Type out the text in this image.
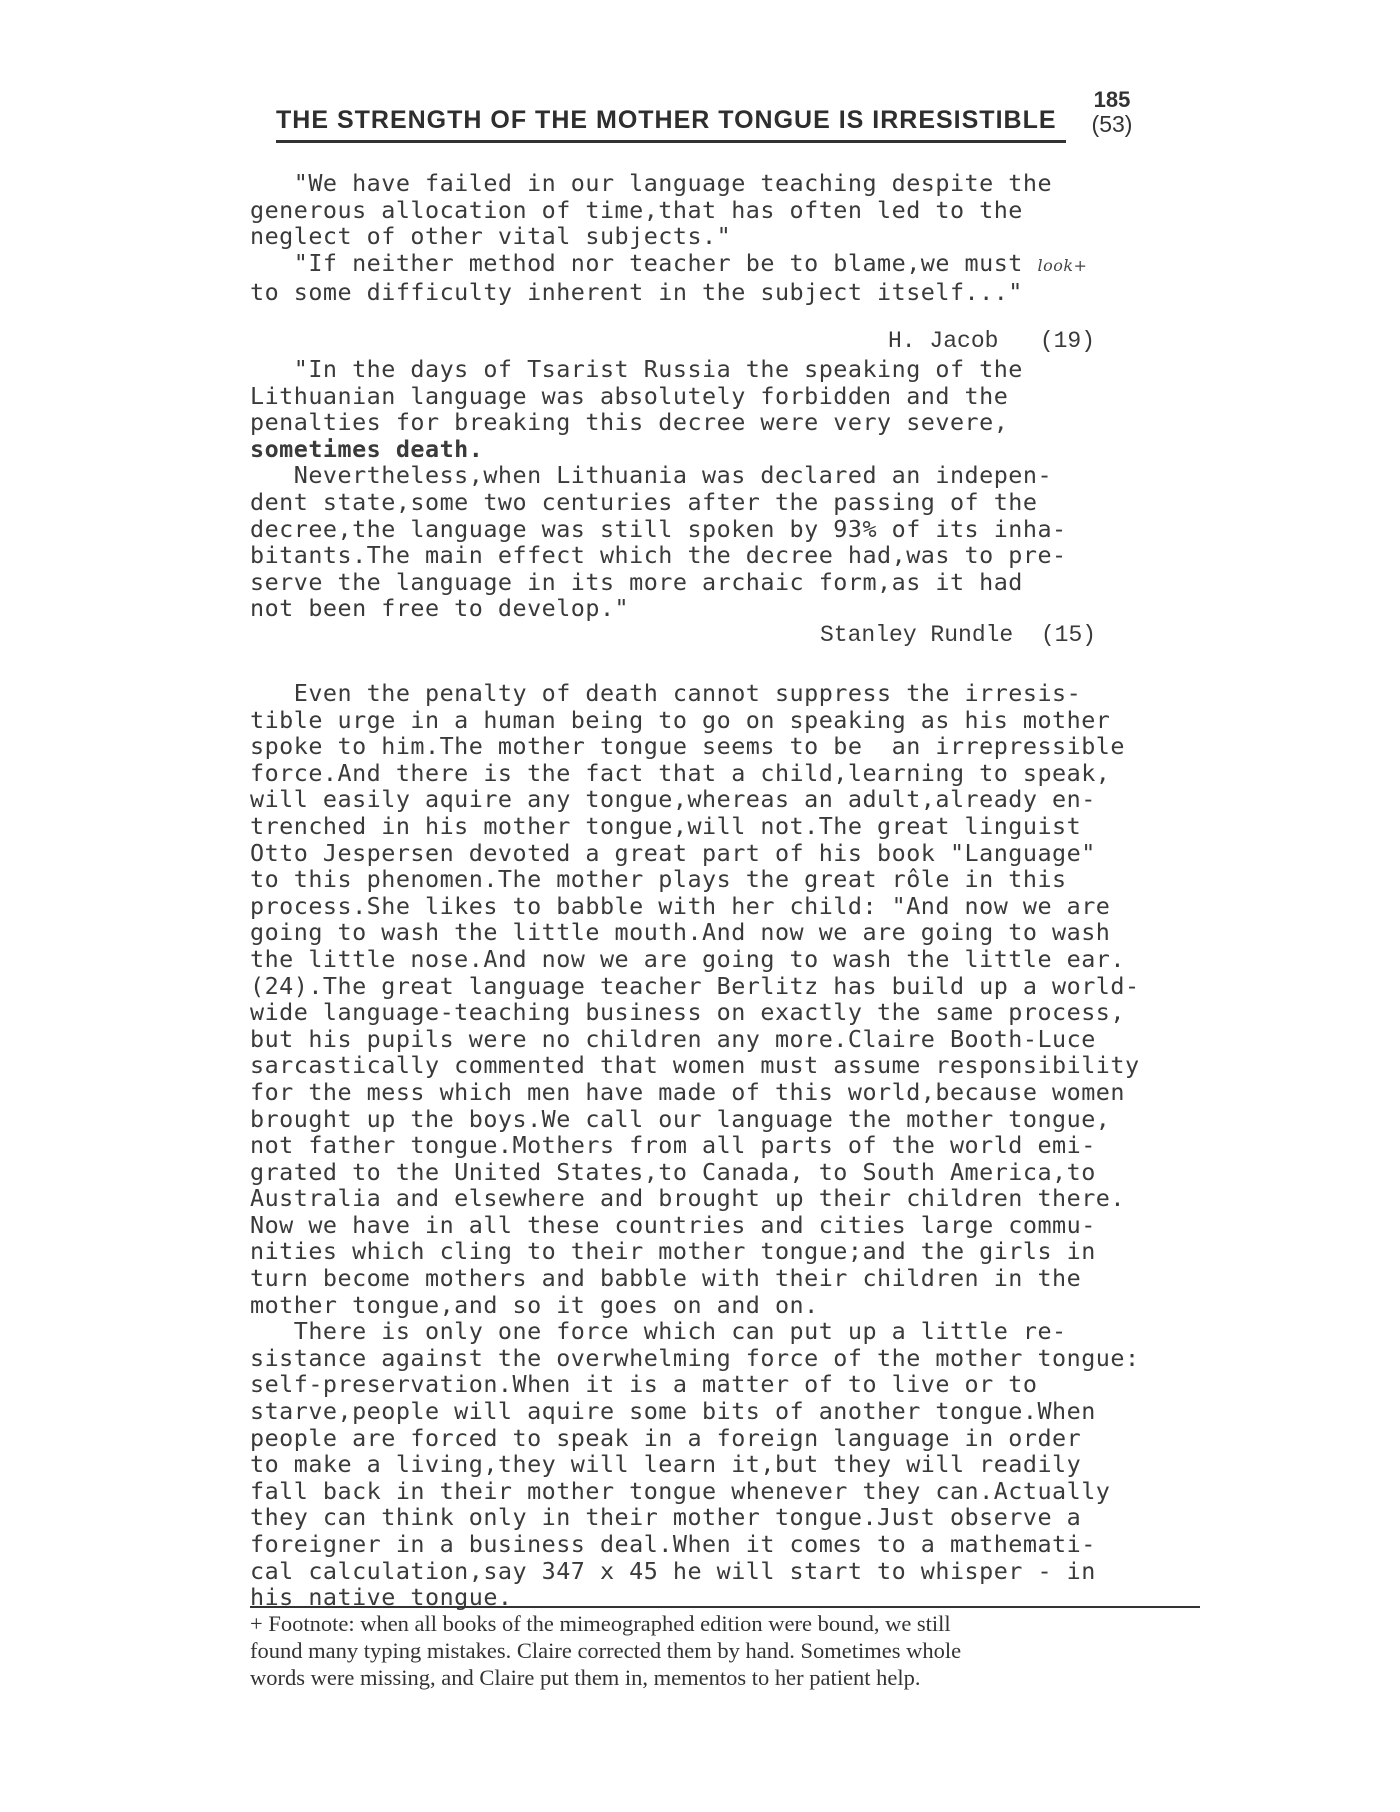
THE STRENGTH OF THE MOTHER TONGUE IS IRRESISTIBLE
185
(53)
"We have failed in our language teaching despite the
generous allocation of time,that has often led to the
neglect of other vital subjects."
"If neither method nor teacher be to blame,we must look+
to some difficulty inherent in the subject itself..."
H. Jacob   (19)
"In the days of Tsarist Russia the speaking of the
Lithuanian language was absolutely forbidden and the
penalties for breaking this decree were very severe,
sometimes death.
Nevertheless,when Lithuania was declared an indepen-
dent state,some two centuries after the passing of the
decree,the language was still spoken by 93% of its inha-
bitants.The main effect which the decree had,was to pre-
serve the language in its more archaic form,as it had
not been free to develop."
Stanley Rundle  (15)
Even the penalty of death cannot suppress the irresis-
tible urge in a human being to go on speaking as his mother
spoke to him.The mother tongue seems to be  an irrepressible
force.And there is the fact that a child,learning to speak,
will easily aquire any tongue,whereas an adult,already en-
trenched in his mother tongue,will not.The great linguist
Otto Jespersen devoted a great part of his book "Language"
to this phenomen.The mother plays the great rôle in this
process.She likes to babble with her child: "And now we are
going to wash the little mouth.And now we are going to wash
the little nose.And now we are going to wash the little ear.
(24).The great language teacher Berlitz has build up a world-
wide language-teaching business on exactly the same process,
but his pupils were no children any more.Claire Booth-Luce
sarcastically commented that women must assume responsibility
for the mess which men have made of this world,because women
brought up the boys.We call our language the mother tongue,
not father tongue.Mothers from all parts of the world emi-
grated to the United States,to Canada, to South America,to
Australia and elsewhere and brought up their children there.
Now we have in all these countries and cities large commu-
nities which cling to their mother tongue;and the girls in
turn become mothers and babble with their children in the
mother tongue,and so it goes on and on.
There is only one force which can put up a little re-
sistance against the overwhelming force of the mother tongue:
self-preservation.When it is a matter of to live or to
starve,people will aquire some bits of another tongue.When
people are forced to speak in a foreign language in order
to make a living,they will learn it,but they will readily
fall back in their mother tongue whenever they can.Actually
they can think only in their mother tongue.Just observe a
foreigner in a business deal.When it comes to a mathemati-
cal calculation,say 347 x 45 he will start to whisper - in
his native tongue.
+ Footnote: when all books of the mimeographed edition were bound, we still
found many typing mistakes. Claire corrected them by hand. Sometimes whole
words were missing, and Claire put them in, mementos to her patient help.
